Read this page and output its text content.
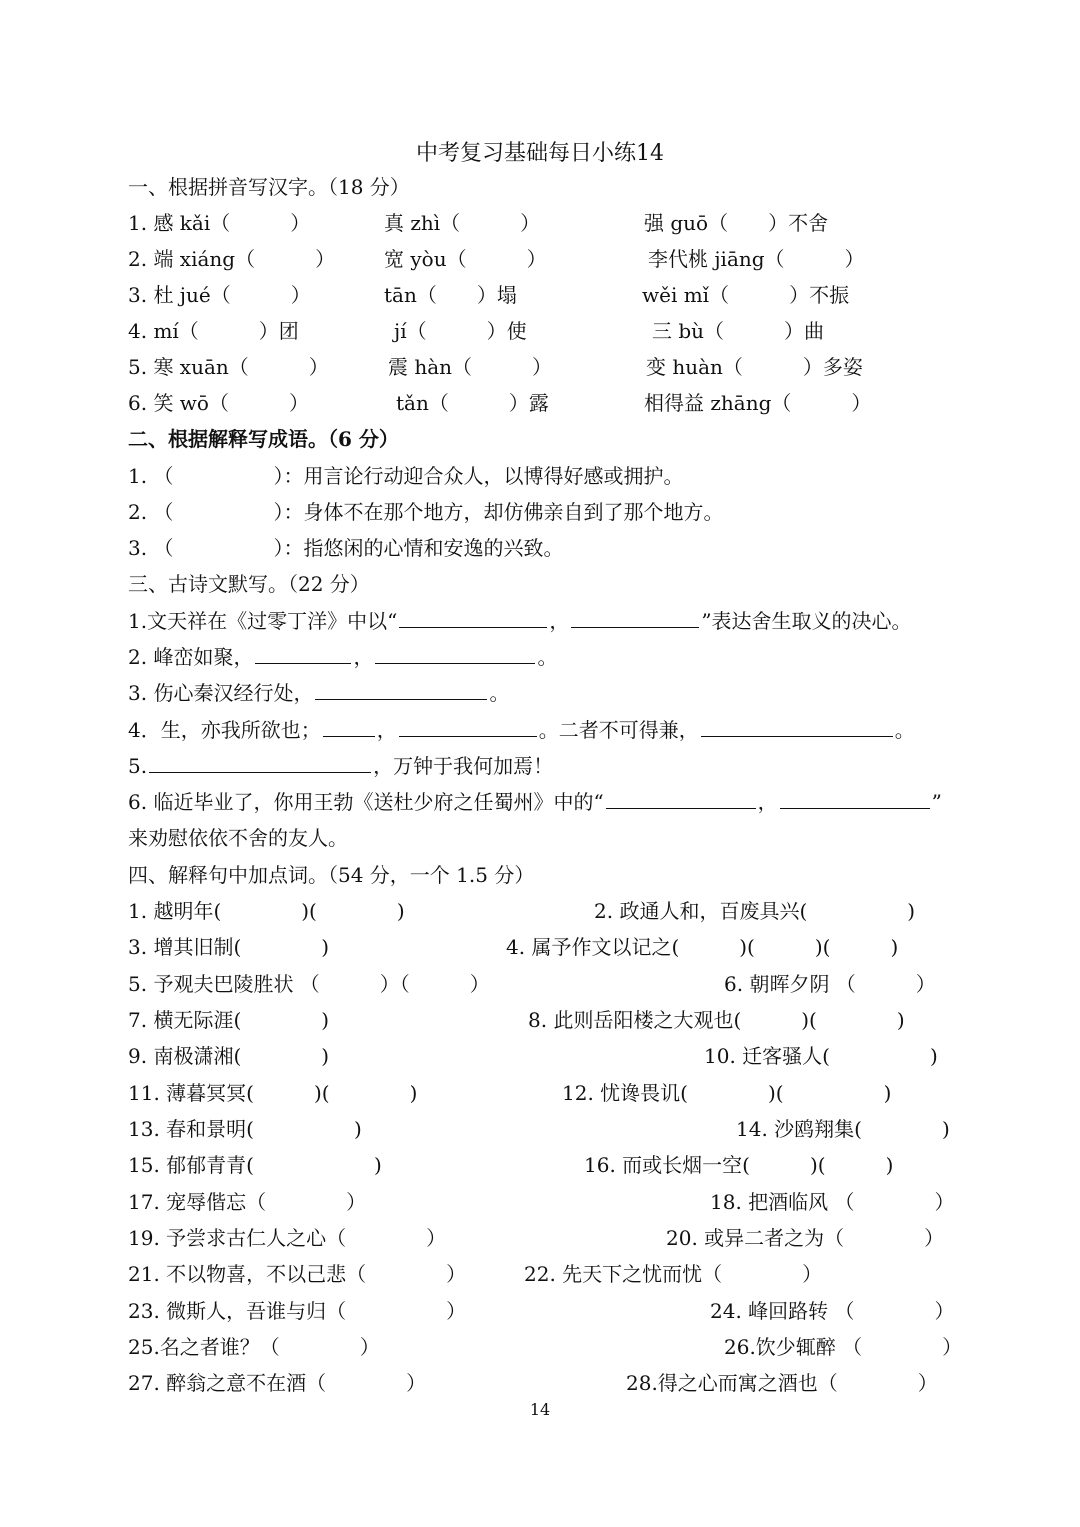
中考复习基础每日小练14
一、根据拼音写汉字。（18 分）
1. 感 kǎi（　　　）	真 zhì（　　　）	强 guō（　　）不舍
2. 端 xiáng（　　　） 宽 yòu（　　　）	李代桃 jiāng（　　　）
3. 杜 jué（　　　）	tān（　　）塌	wěi mǐ（　　　）不振
4. mí（　　　）团	jí（　　　）使	三 bù（　　　）曲
5. 寒 xuān（　　　）	震 hàn（　　　）	变 huàn（　　　）多姿
6. 笑 wō（　　　）	tǎn（　　　）露	相得益 zhāng（　　　）
二、根据解释写成语。（6 分）
1. （　　　　　）：用言论行动迎合众人，以博得好感或拥护。
2. （　　　　　）：身体不在那个地方，却仿佛亲自到了那个地方。
3. （　　　　　）：指悠闲的心情和安逸的兴致。
三、古诗文默写。（22 分）
1.文天祥在《过零丁洋》中以“	，	”表达舍生取义的决心。
2. 峰峦如聚，	，	。
3. 伤心秦汉经行处，	。
4．生，亦我所欲也；	，	。二者不可得兼，	。
5.	，万钟于我何加焉！
6. 临近毕业了，你用王勃《送杜少府之任蜀州》中的“	，	”
来劝慰依依不舍的友人。
四、解释句中加点词。（54 分，一个 1.5 分）
1. 越明年(　　　　)(　　　　)	2. 政通人和，百废具兴(　　　　　)
3. 增其旧制(　　　　)	4. 属予作文以记之(　　　)(　　　)(　　　)
5. 予观夫巴陵胜状 （　　　）（　　　）	6. 朝晖夕阴 （　　　）
7. 横无际涯(　　　　)	8. 此则岳阳楼之大观也(　　　)(　　　　)
9. 南极潇湘(　　　　)	10. 迁客骚人(　　　　　)
11. 薄暮冥冥(　　　)(　　　　)	12. 忧谗畏讥(　　　　)(　　　　　)
13. 春和景明(　　　　　)	14. 沙鸥翔集(　　　　)
15. 郁郁青青(　　　　　　)	16. 而或长烟一空(　　　)(　　　)
17. 宠辱偕忘（　　　　）	18. 把酒临风 （　　　　）
19. 予尝求古仁人之心（　　　　）	20. 或异二者之为（　　　　）
21. 不以物喜，不以己悲（　　　　）	22. 先天下之忧而忧（　　　　）
23. 微斯人，吾谁与归（　　　　　）	24. 峰回路转 （　　　　）
25.名之者谁？（　　　　）	26.饮少辄醉 （　　　　）
27. 醉翁之意不在酒（　　　　）	28.得之心而寓之酒也（　　　　）
14
